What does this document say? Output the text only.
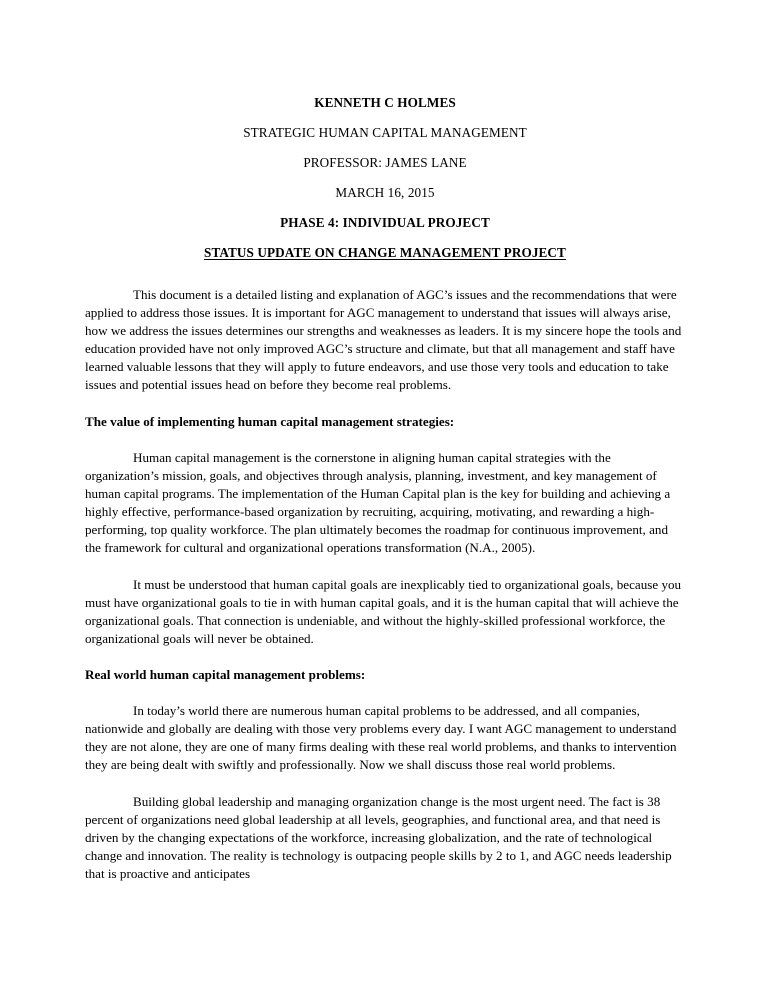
KENNETH C HOLMES
STRATEGIC HUMAN CAPITAL MANAGEMENT
PROFESSOR: JAMES LANE
MARCH 16, 2015
PHASE 4: INDIVIDUAL PROJECT
STATUS UPDATE ON CHANGE MANAGEMENT PROJECT

This document is a detailed listing and explanation of AGC’s issues and the recommendations that were applied to address those issues. It is important for AGC management to understand that issues will always arise, how we address the issues determines our strengths and weaknesses as leaders. It is my sincere hope the tools and education provided have not only improved AGC’s structure and climate, but that all management and staff have learned valuable lessons that they will apply to future endeavors, and use those very tools and education to take issues and potential issues head on before they become real problems.

The value of implementing human capital management strategies:

Human capital management is the cornerstone in aligning human capital strategies with the organization’s mission, goals, and objectives through analysis, planning, investment, and key management of human capital programs. The implementation of the Human Capital plan is the key for building and achieving a highly effective, performance-based organization by recruiting, acquiring, motivating, and rewarding a high-performing, top quality workforce. The plan ultimately becomes the roadmap for continuous improvement, and the framework for cultural and organizational operations transformation (N.A., 2005).

It must be understood that human capital goals are inexplicably tied to organizational goals, because you must have organizational goals to tie in with human capital goals, and it is the human capital that will achieve the organizational goals. That connection is undeniable, and without the highly-skilled professional workforce, the organizational goals will never be obtained.

Real world human capital management problems:

In today’s world there are numerous human capital problems to be addressed, and all companies, nationwide and globally are dealing with those very problems every day. I want AGC management to understand they are not alone, they are one of many firms dealing with these real world problems, and thanks to intervention they are being dealt with swiftly and professionally. Now we shall discuss those real world problems.

Building global leadership and managing organization change is the most urgent need. The fact is 38 percent of organizations need global leadership at all levels, geographies, and functional area, and that need is driven by the changing expectations of the workforce, increasing globalization, and the rate of technological change and innovation. The reality is technology is outpacing people skills by 2 to 1, and AGC needs leadership that is proactive and anticipates
